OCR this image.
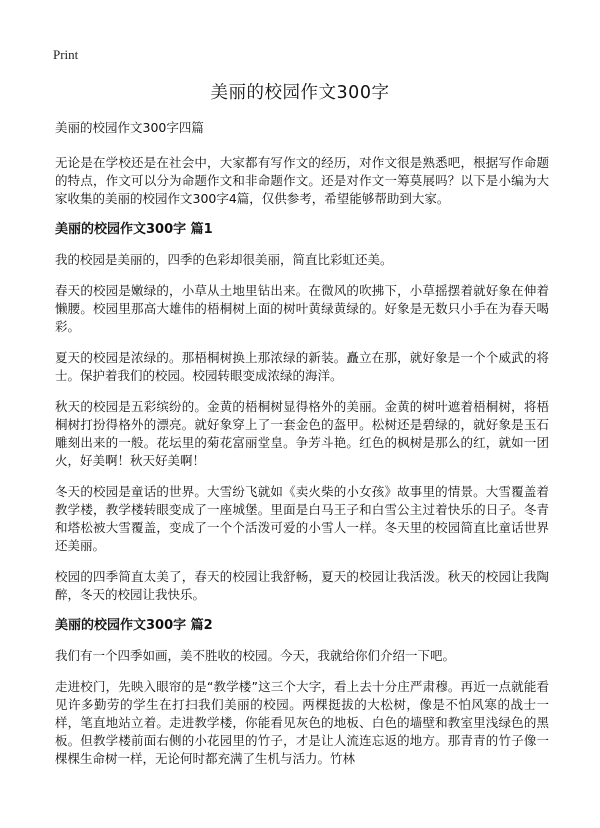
Print
美丽的校园作文300字
美丽的校园作文300字四篇

无论是在学校还是在社会中，大家都有写作文的经历，对作文很是熟悉吧，根据写作命题的特点，作文可以分为命题作文和非命题作文。还是对作文一筹莫展吗？以下是小编为大家收集的美丽的校园作文300字4篇，仅供参考，希望能够帮助到大家。

美丽的校园作文300字 篇1

我的校园是美丽的，四季的色彩却很美丽，简直比彩虹还美。

春天的校园是嫩绿的，小草从土地里钻出来。在微风的吹拂下，小草摇摆着就好象在伸着懒腰。校园里那高大雄伟的梧桐树上面的树叶黄绿黄绿的。好象是无数只小手在为春天喝彩。

夏天的校园是浓绿的。那梧桐树换上那浓绿的新装。矗立在那，就好象是一个个威武的将士。保护着我们的校园。校园转眼变成浓绿的海洋。

秋天的校园是五彩缤纷的。金黄的梧桐树显得格外的美丽。金黄的树叶遮着梧桐树，将梧桐树打扮得格外的漂亮。就好象穿上了一套金色的盔甲。松树还是碧绿的，就好象是玉石雕刻出来的一般。花坛里的菊花富丽堂皇。争芳斗艳。红色的枫树是那么的红，就如一团火，好美啊！秋天好美啊！

冬天的校园是童话的世界。大雪纷飞就如《卖火柴的小女孩》故事里的情景。大雪覆盖着教学楼，教学楼转眼变成了一座城堡。里面是白马王子和白雪公主过着快乐的日子。冬青和塔松被大雪覆盖，变成了一个个活泼可爱的小雪人一样。冬天里的校园简直比童话世界还美丽。

校园的四季简直太美了，春天的校园让我舒畅，夏天的校园让我活泼。秋天的校园让我陶醉，冬天的校园让我快乐。

美丽的校园作文300字 篇2

我们有一个四季如画，美不胜收的校园。今天，我就给你们介绍一下吧。

走进校门，先映入眼帘的是“教学楼”这三个大字，看上去十分庄严肃穆。再近一点就能看见许多勤劳的学生在打扫我们美丽的校园。两棵挺拔的大松树，像是不怕风寒的战士一样，笔直地站立着。走进教学楼，你能看见灰色的地板、白色的墙壁和教室里浅绿色的黑板。但教学楼前面右侧的小花园里的竹子，才是让人流连忘返的地方。那青青的竹子像一棵棵生命树一样，无论何时都充满了生机与活力。竹林
